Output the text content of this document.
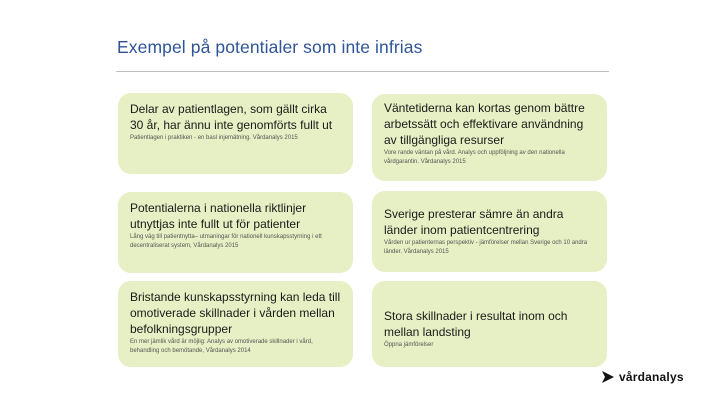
Exempel på potentialer som inte infrias
Delar av patientlagen, som gällt cirka 30 år, har ännu inte genomförts fullt ut
Patientlagen i praktiken - en basl injemätning. Vårdanalys 2015
Potentialerna i nationella riktlinjer utnyttjas inte fullt ut för patienter
Lång väg till patientnytta– utmaningar för nationell kunskapsstyrning i ett decentraliserat system, Vårdanalys 2015
Bristande kunskapsstyrning kan leda till omotiverade skillnader i vården mellan befolkningsgrupper
En mer jämlik vård är möjlig: Analys av omotiverade skillnader i vård, behandling och bemötande, Vårdanalys 2014
Väntetiderna kan kortas genom bättre arbetssätt och effektivare användning av tillgängliga resurser
Vore rande väntan på vård. Analys och uppföljning av den nationella vårdgarantin. Vårdanalys 2015
Sverige presterar sämre än andra länder inom patientcentrering
Vården ur patienternas perspektiv - jämförelser mellan Sverige och 10 andra länder. Vårdanalys 2015
Stora skillnader i resultat inom och mellan landsting
Öppna jämförelser
vårdanalys
